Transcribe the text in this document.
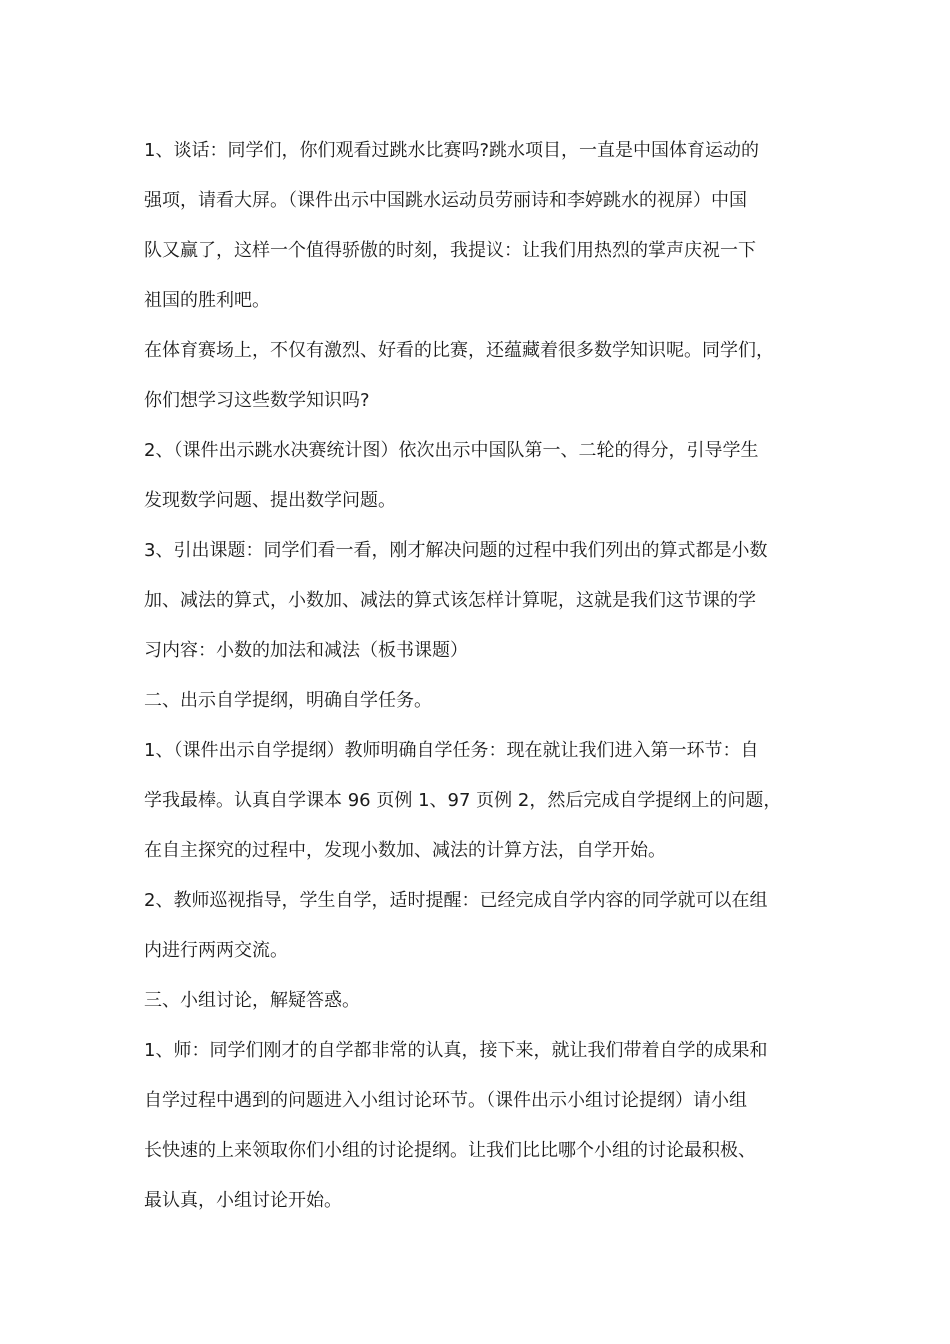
1、谈话：同学们，你们观看过跳水比赛吗?跳水项目，一直是中国体育运动的
强项，请看大屏。（课件出示中国跳水运动员劳丽诗和李婷跳水的视屏）中国
队又赢了，这样一个值得骄傲的时刻，我提议：让我们用热烈的掌声庆祝一下
祖国的胜利吧。
在体育赛场上，不仅有激烈、好看的比赛，还蕴藏着很多数学知识呢。同学们，
你们想学习这些数学知识吗?
2、（课件出示跳水决赛统计图）依次出示中国队第一、二轮的得分，引导学生
发现数学问题、提出数学问题。
3、引出课题：同学们看一看，刚才解决问题的过程中我们列出的算式都是小数
加、减法的算式，小数加、减法的算式该怎样计算呢，这就是我们这节课的学
习内容：小数的加法和减法（板书课题）
二、出示自学提纲，明确自学任务。
1、（课件出示自学提纲）教师明确自学任务：现在就让我们进入第一环节：自
学我最棒。认真自学课本 96 页例 1、97 页例 2，然后完成自学提纲上的问题，
在自主探究的过程中，发现小数加、减法的计算方法，自学开始。
2、教师巡视指导，学生自学，适时提醒：已经完成自学内容的同学就可以在组
内进行两两交流。
三、小组讨论，解疑答惑。
1、师：同学们刚才的自学都非常的认真，接下来，就让我们带着自学的成果和
自学过程中遇到的问题进入小组讨论环节。（课件出示小组讨论提纲）请小组
长快速的上来领取你们小组的讨论提纲。让我们比比哪个小组的讨论最积极、
最认真，小组讨论开始。
